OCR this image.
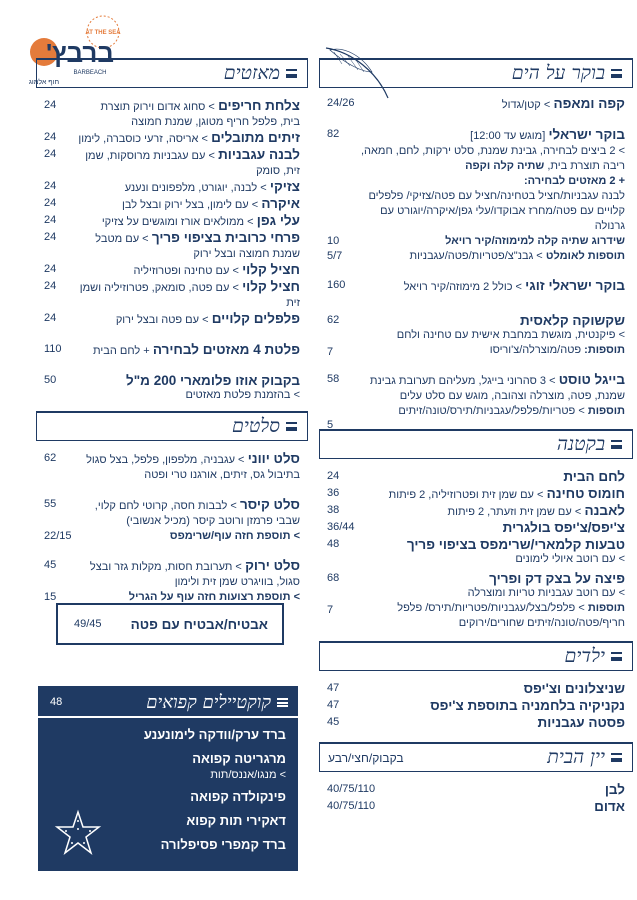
AT THE SEA
ברבץ'
BARBEACH
חוף אלמוג	בוקר על הים
קפה ומאפה > קטן/גדול
24/26
בוקר ישראלי [מוגש עד 12:00]
> 2 ביצים לבחירה, גבינת שמנת, סלט ירקות, לחם, חמאה, ריבה תוצרת בית, שתיה קלה וקפה
+ 2 מאזטים לבחירה:
לבנה עגבניות/חציל בטחינה/חציל עם פטה/צזיקי/ פלפלים קלויים עם פטה/מחרז אבוקדו/עלי גפן/איקרה/יוגורט עם גרנולה
82
שידרוג שתיה קלה למימוזה/קיר רויאל
10
תוספות לאומלט > גבנ"צ/פטריות/פטה/עגבניות
5/7
בוקר ישראלי זוגי > כולל 2 מימוזה/קיר רויאל
160
שקשוקה קלאסית
> פיקנטית, מוגשת במחבת אישית עם טחינה ולחם
תוספות: פטה/מוצרלה/צ'וריסו
62
7
בייגל טוסט > 3 סהרוני בייגל, מעליהם תערובת גבינת שמנת, פטה, מוצרלה וצהובה, מוגש עם סלט עלים
תוספות > פטריות/פלפל/עגבניות/תירס/טונה/זיתים
58
5
בקטנה
לחם הבית
24
חומוס טחינה > עם שמן זית ופטרוזיליה, 2 פיתות
36
לאבנה > עם שמן זית וזעתר, 2 פיתות
38
צ'יפס/צ'יפס בולגרית
36/44
טבעות קלמארי/שרימפס בציפוי פריך
> עם רוטב איולי לימונים
48
פיצה על בצק דק ופריך
> עם רוטב עגבניות טריות ומוצרלה
תוספות > פלפל/בצל/עגבניות/פטריות/תירס/ פלפל חריף/פטה/טונה/זיתים שחורים/ירוקים
68
7
ילדים
שניצלונים וצ'יפס
47
נקניקיה בלחמניה בתוספת צ'יפס
47
פסטה עגבניות
45
יין הבית
בקבוק/חצי/רבע
לבן
40/75/110
אדום
40/75/110
מאזטים
צלחת חריפים > סחוג אדום וירוק תוצרת בית, פלפל חריף מטוגן, שמנת חמוצה
24
זיתים מתובלים > אריסה, זרעי כוסברה, לימון
24
לבנה עגבניות > עם עגבניות מרוסקות, שמן זית, סומק
24
צזיקי > לבנה, יוגורט, מלפפונים ונענע
24
איקרה > עם לימון, בצל ירוק ובצל לבן
24
עלי גפן > ממולאים אורז ומוגשים על צזיקי
24
פרחי כרובית בציפוי פריך > עם מטבל שמנת חמוצה ובצל ירוק
24
חציל קלוי > עם טחינה ופטרוזיליה
24
חציל קלוי > עם פטה, סומאק, פטרוזיליה ושמן זית
24
פלפלים קלויים > עם פטה ובצל ירוק
24
פלטת 4 מאזטים לבחירה + לחם הבית
110
בקבוק אוזו פלומארי 200 מ"ל
> בהזמנת פלטת מאזטים
50
סלטים
סלט יווני > עגבניה, מלפפון, פלפל, בצל סגול בתיבול גס, זיתים, אורגנו טרי ופטה
62
סלט קיסר > לבבות חסה, קרוטי לחם קלוי, שבבי פרמזן ורוטב קיסר (מכיל אנשובי)
> תוספת חזה עוף/שרימפס
55
22/15
סלט ירוק > תערובת חסות, מקלות גזר ובצל סגול, בוויגרט שמן זית ולימון
> תוספת רצועות חזה עוף על הגריל
45
15
אבטיח/אבטיח עם פטה
49/45
קוקטיילים קפואים
48
ברד ערק/וודקה לימונענע
מרגריטה קפואה
> מנגו/אננס/תות
פינקולדה קפואה
דאקירי תות קפוא
ברד קמפרי פסיפלורה
